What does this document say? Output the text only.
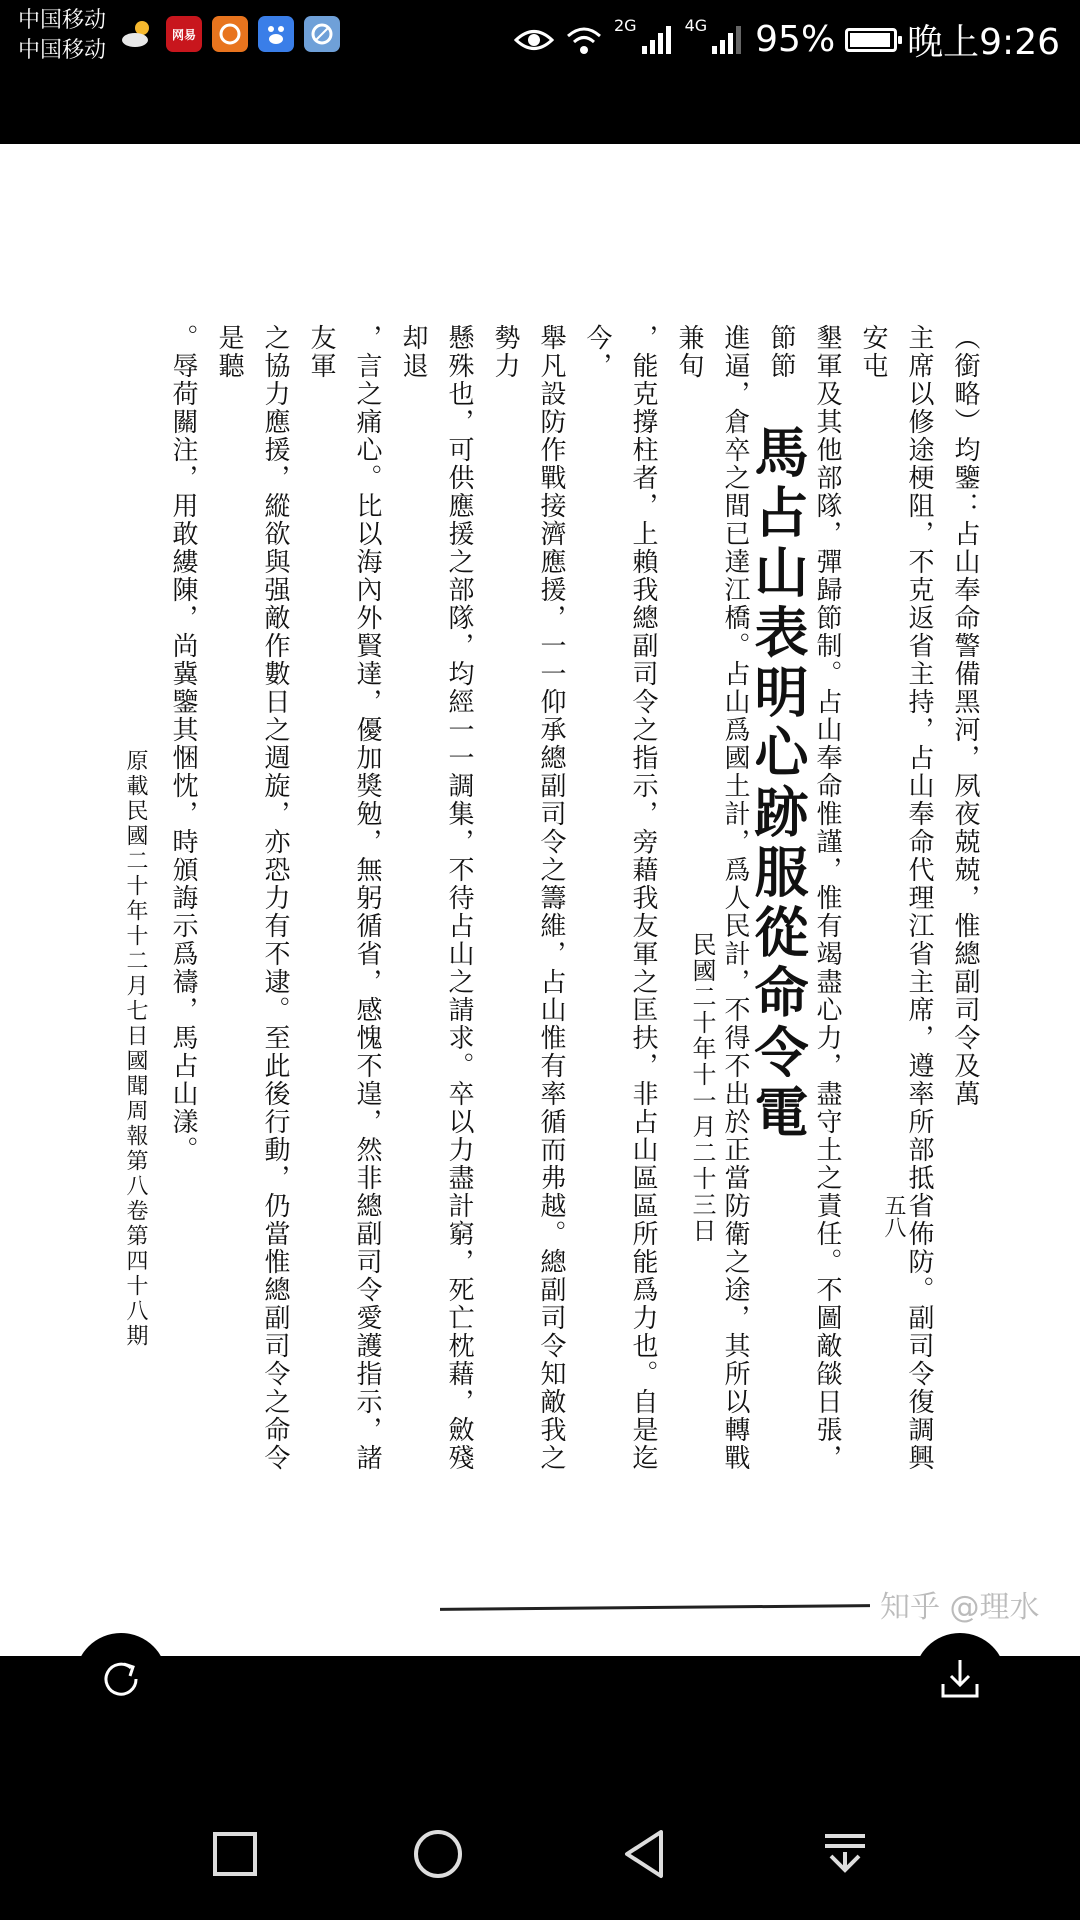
中国移动
中国移动
网易	2G	4G 95% 晚上9:26
馬占山表明心跡服從命令電
民國二十年十一月二十三日	五八

（銜略）均鑒：占山奉命警備黑河，夙夜兢兢，惟總副司令及萬

主席以修途梗阻，不克返省主持，占山奉命代理江省主席，遵率所部抵省佈防。副司令復調興安屯

墾軍及其他部隊，彈歸節制。占山奉命惟謹，惟有竭盡心力，盡守土之責任。不圖敵燄日張，節節

進逼，倉卒之間已達江橋。占山爲國土計，爲人民計，不得不出於正當防衛之途，其所以轉戰兼旬

，能克撐柱者，上賴我總副司令之指示，旁藉我友軍之匡扶，非占山區區所能爲力也。自是迄今，

舉凡設防作戰接濟應援，一一仰承總副司令之籌維，占山惟有率循而弗越。總副司令知敵我之勢力

懸殊也，可供應援之部隊，均經一一調集，不待占山之請求。卒以力盡計窮，死亡枕藉，斂殘却退

，言之痛心。比以海內外賢達，優加獎勉，無躬循省，感愧不遑，然非總副司令愛護指示，諸友軍

之協力應援，縱欲與强敵作數日之週旋，亦恐力有不逮。至此後行動，仍當惟總副司令之命令是聽

。辱荷關注，用敢縷陳，尚冀鑒其悃忱，時頒誨示爲禱，馬占山漾。

原載民國二十年十二月七日國聞周報第八卷第四十八期
知乎 @理水
